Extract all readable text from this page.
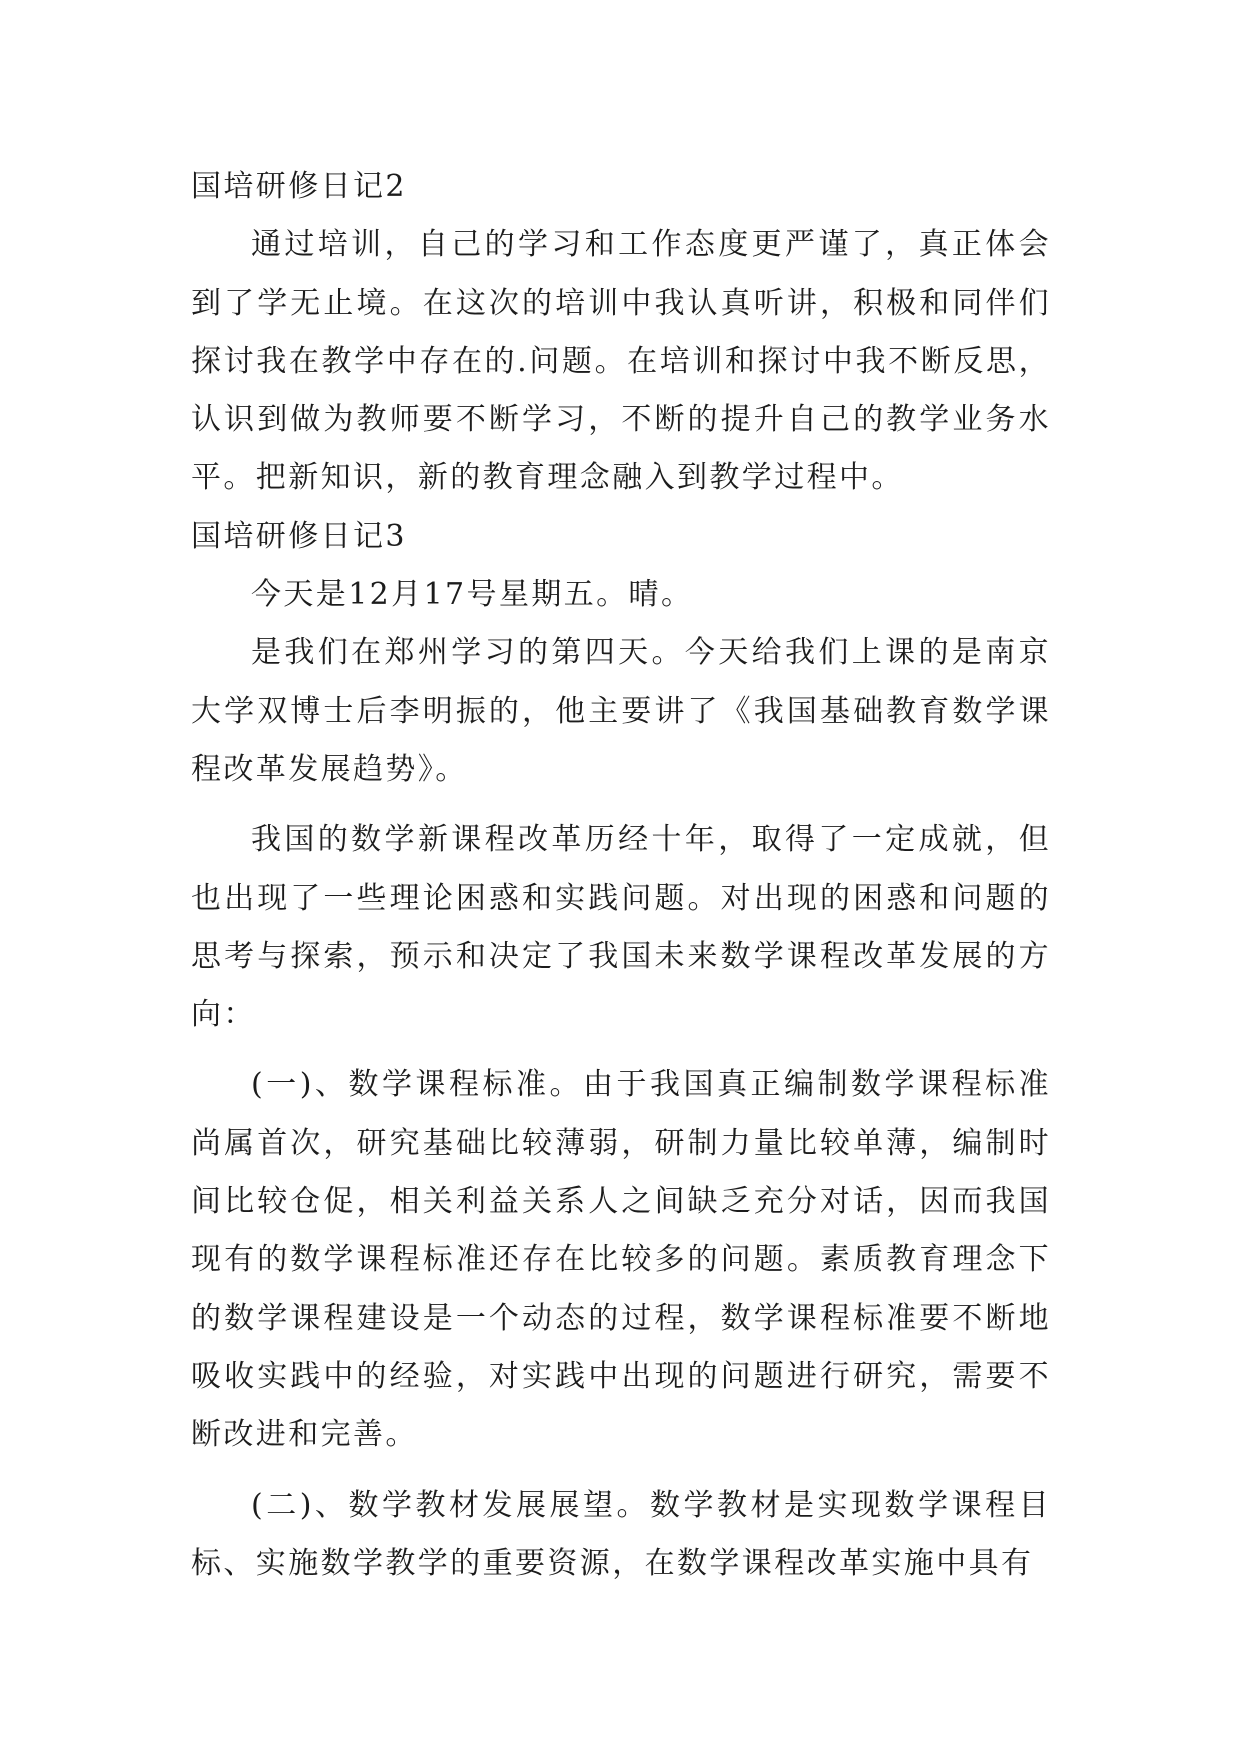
国培研修日记2
通过培训，自己的学习和工作态度更严谨了，真正体会到了学无止境。在这次的培训中我认真听讲，积极和同伴们探讨我在教学中存在的.问题。在培训和探讨中我不断反思，认识到做为教师要不断学习，不断的提升自己的教学业务水平。把新知识，新的教育理念融入到教学过程中。
国培研修日记3
今天是12月17号星期五。晴。
是我们在郑州学习的第四天。今天给我们上课的是南京大学双博士后李明振的，他主要讲了《我国基础教育数学课程改革发展趋势》。
我国的数学新课程改革历经十年，取得了一定成就，但也出现了一些理论困惑和实践问题。对出现的困惑和问题的思考与探索，预示和决定了我国未来数学课程改革发展的方向：
(一)、数学课程标准。由于我国真正编制数学课程标准尚属首次，研究基础比较薄弱，研制力量比较单薄，编制时间比较仓促，相关利益关系人之间缺乏充分对话，因而我国现有的数学课程标准还存在比较多的问题。素质教育理念下的数学课程建设是一个动态的过程，数学课程标准要不断地吸收实践中的经验，对实践中出现的问题进行研究，需要不断改进和完善。
(二)、数学教材发展展望。数学教材是实现数学课程目标、实施数学教学的重要资源，在数学课程改革实施中具有
